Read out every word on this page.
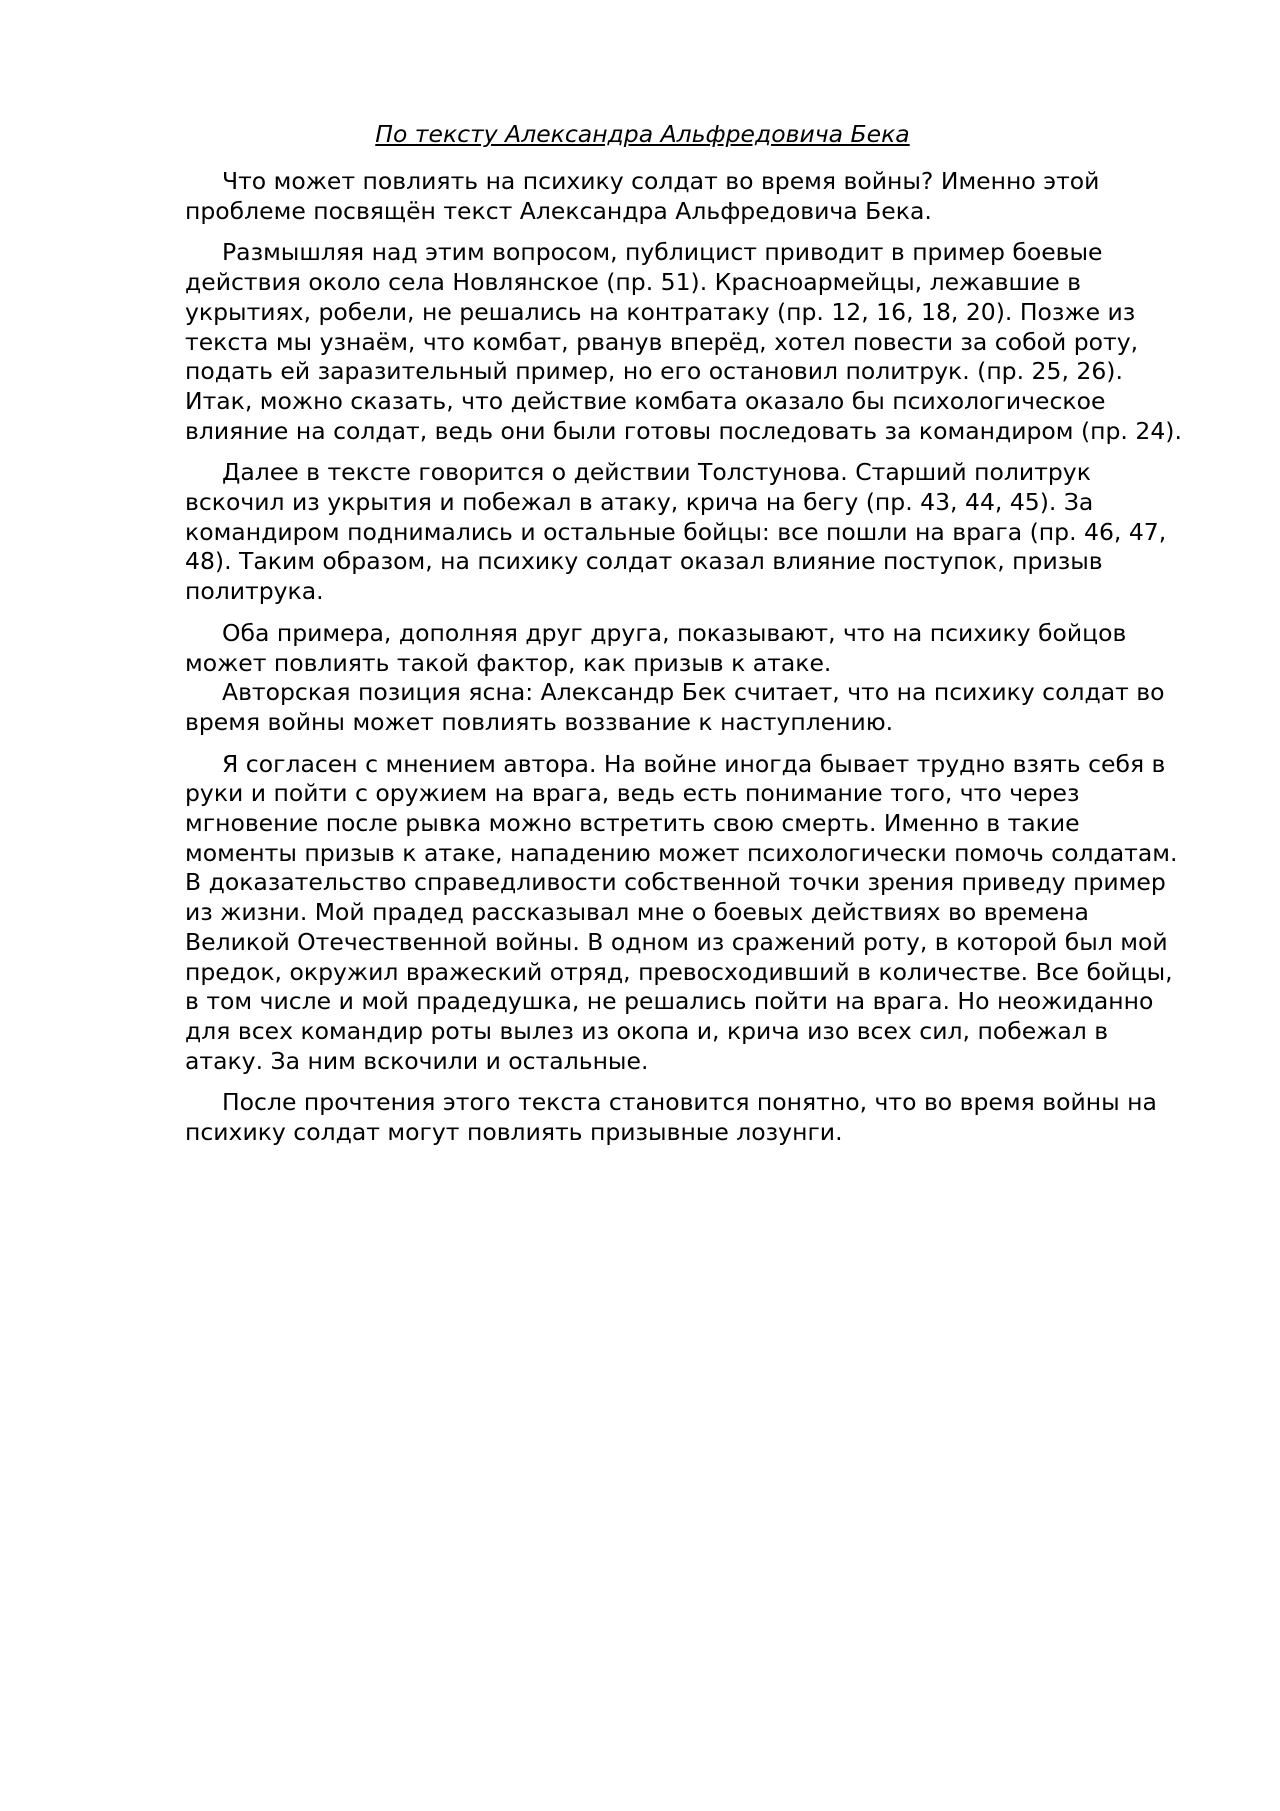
По тексту Александра Альфредовича Бека

Что может повлиять на психику солдат во время войны? Именно этой
проблеме посвящён текст Александра Альфредовича Бека.

Размышляя над этим вопросом, публицист приводит в пример боевые
действия около села Новлянское (пр. 51). Красноармейцы, лежавшие в
укрытиях, робели, не решались на контратаку (пр. 12, 16, 18, 20). Позже из
текста мы узнаём, что комбат, рванув вперёд, хотел повести за собой роту,
подать ей заразительный пример, но его остановил политрук. (пр. 25, 26).
Итак, можно сказать, что действие комбата оказало бы психологическое
влияние на солдат, ведь они были готовы последовать за командиром (пр. 24).

Далее в тексте говорится о действии Толстунова. Старший политрук
вскочил из укрытия и побежал в атаку, крича на бегу (пр. 43, 44, 45). За
командиром поднимались и остальные бойцы: все пошли на врага (пр. 46, 47,
48). Таким образом, на психику солдат оказал влияние поступок, призыв
политрука.

Оба примера, дополняя друг друга, показывают, что на психику бойцов
может повлиять такой фактор, как призыв к атаке.

Авторская позиция ясна: Александр Бек считает, что на психику солдат во
время войны может повлиять воззвание к наступлению.

Я согласен с мнением автора. На войне иногда бывает трудно взять себя в
руки и пойти с оружием на врага, ведь есть понимание того, что через
мгновение после рывка можно встретить свою смерть. Именно в такие
моменты призыв к атаке, нападению может психологически помочь солдатам.
В доказательство справедливости собственной точки зрения приведу пример
из жизни. Мой прадед рассказывал мне о боевых действиях во времена
Великой Отечественной войны. В одном из сражений роту, в которой был мой
предок, окружил вражеский отряд, превосходивший в количестве. Все бойцы,
в том числе и мой прадедушка, не решались пойти на врага. Но неожиданно
для всех командир роты вылез из окопа и, крича изо всех сил, побежал в
атаку. За ним вскочили и остальные.

После прочтения этого текста становится понятно, что во время войны на
психику солдат могут повлиять призывные лозунги.
